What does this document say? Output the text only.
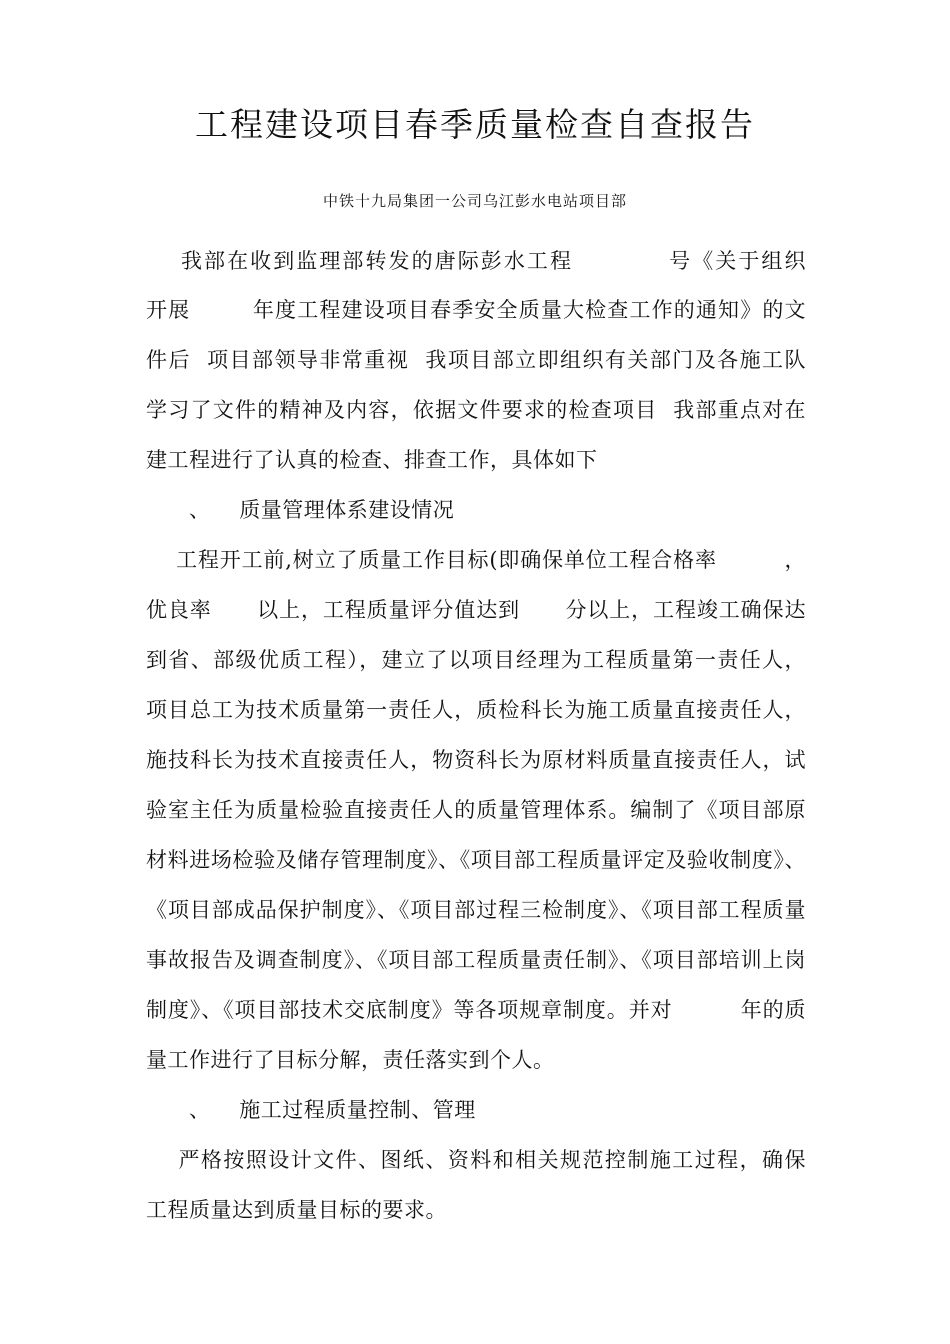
工程建设项目春季质量检查自查报告
中铁十九局集团一公司乌江彭水电站项目部
我部在收到监理部转发的唐际彭水工程           号《关于组织
开展        年度工程建设项目春季安全质量大检查工作的通知》的文
件后  项目部领导非常重视  我项目部立即组织有关部门及各施工队
学习了文件的精神及内容，依据文件要求的检查项目  我部重点对在
建工程进行了认真的检查、排查工作，具体如下
、    质量管理体系建设情况
工程开工前,树立了质量工作目标(即确保单位工程合格率         ，
优良率      以上，工程质量评分值达到      分以上，工程竣工确保达
到省、部级优质工程），建立了以项目经理为工程质量第一责任人，
项目总工为技术质量第一责任人，质检科长为施工质量直接责任人，
施技科长为技术直接责任人，物资科长为原材料质量直接责任人，试
验室主任为质量检验直接责任人的质量管理体系。编制了《项目部原
材料进场检验及储存管理制度》、《项目部工程质量评定及验收制度》、
《项目部成品保护制度》、《项目部过程三检制度》、《项目部工程质量
事故报告及调查制度》、《项目部工程质量责任制》、《项目部培训上岗
制度》、《项目部技术交底制度》等各项规章制度。并对         年的质
量工作进行了目标分解，责任落实到个人。
、    施工过程质量控制、管理
严格按照设计文件、图纸、资料和相关规范控制施工过程，确保
工程质量达到质量目标的要求。
